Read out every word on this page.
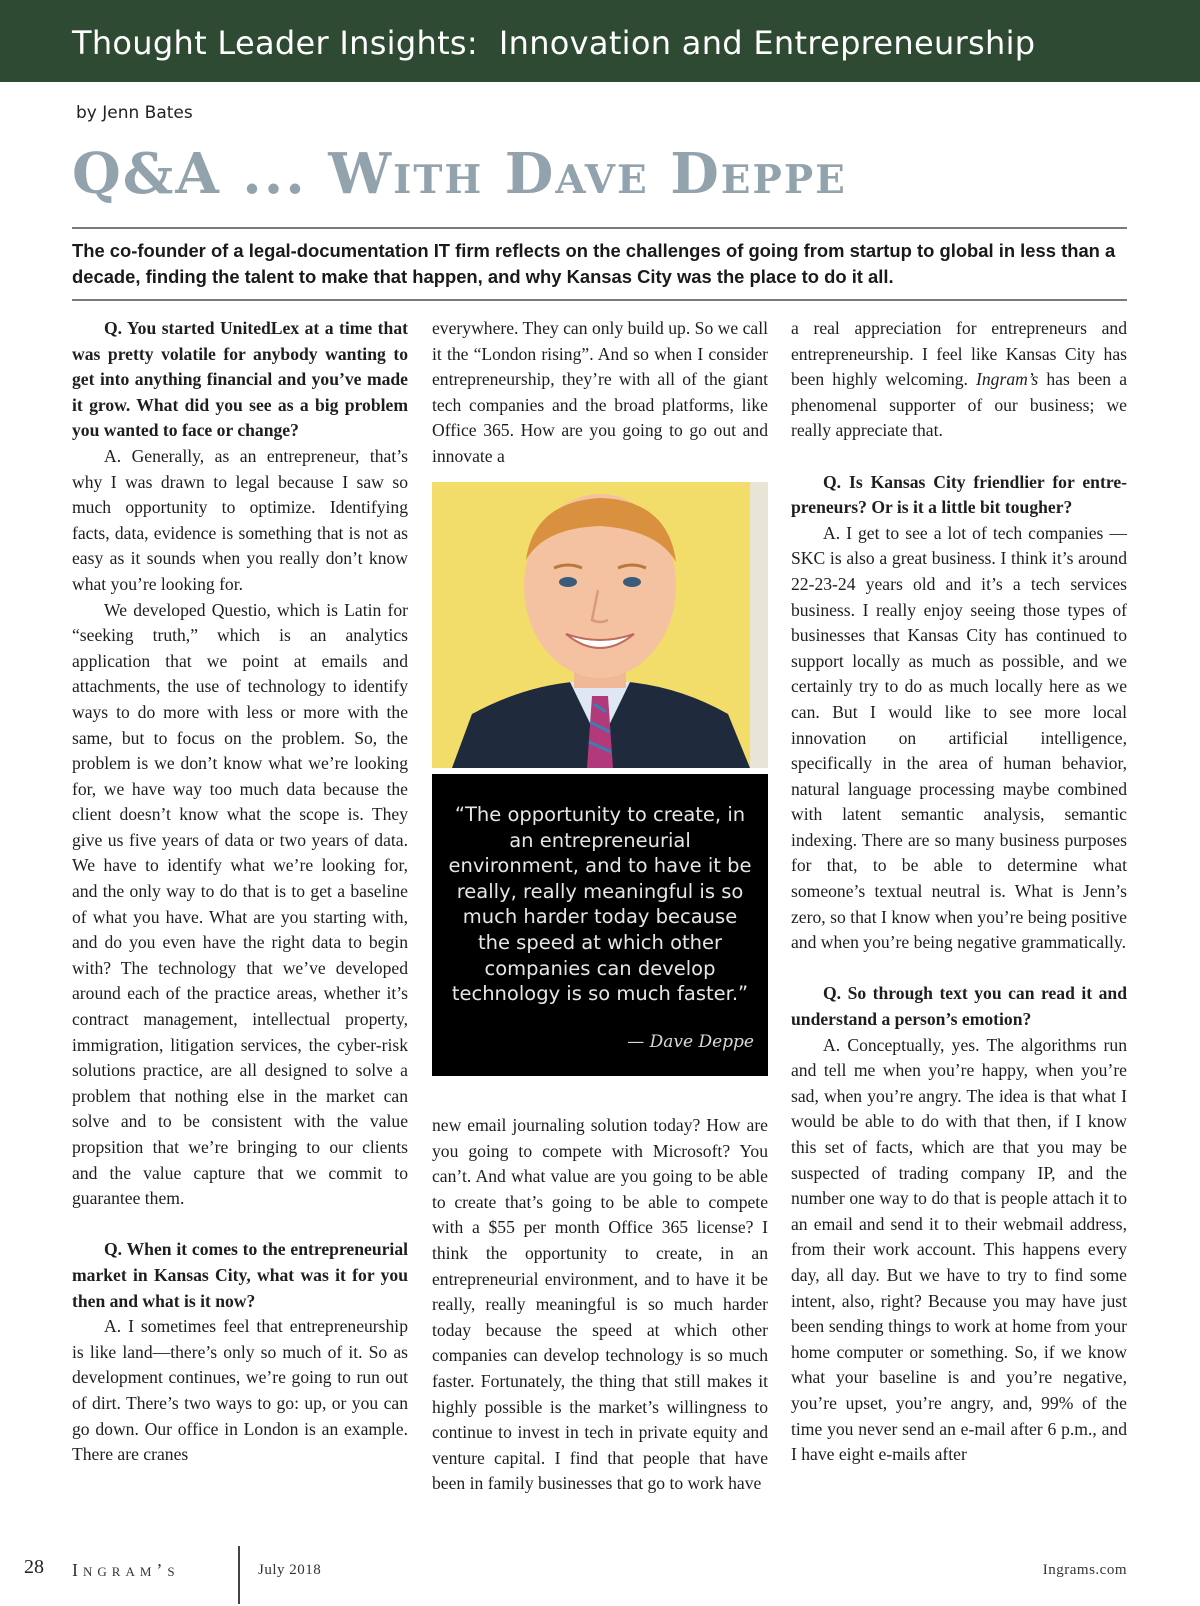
Thought Leader Insights:  Innovation and Entrepreneurship
by Jenn Bates
Q&A ... With Dave Deppe
The co-founder of a legal-documentation IT firm reflects on the challenges of going from startup to global in less than a decade, finding the talent to make that happen, and why Kansas City was the place to do it all.

Q. You started UnitedLex at a time that was pretty volatile for anybody wanting to get into anything financial and you’ve made it grow. What did you see as a big problem you wanted to face or change?

A. Generally, as an entrepreneur, that’s why I was drawn to legal because I saw so much opportunity to optimize. Identifying facts, data, evidence is something that is not as easy as it sounds when you really don’t know what you’re looking for.

We developed Questio, which is Latin for “seeking truth,” which is an analytics application that we point at emails and attachments, the use of technology to identify ways to do more with less or more with the same, but to focus on the problem. So, the problem is we don’t know what we’re looking for, we have way too much data because the client doesn’t know what the scope is. They give us five years of data or two years of data. We have to identify what we’re looking for, and the only way to do that is to get a baseline of what you have. What are you starting with, and do you even have the right data to begin with? The technology that we’ve developed around each of the practice areas, whether it’s contract management, intellectual property, immigration, litigation services, the cyber-risk solutions practice, are all designed to solve a problem that nothing else in the market can solve and to be consistent with the value propsition that we’re bringing to our clients and the value capture that we commit to guarantee them.

Q. When it comes to the entrepreneurial market in Kansas City, what was it for you then and what is it now?

A. I sometimes feel that entrepreneurship is like land—there’s only so much of it. So as development continues, we’re going to run out of dirt. There’s two ways to go: up, or you can go down. Our office in London is an example. There are cranes

everywhere. They can only build up. So we call it the “London rising”. And so when I consider entrepreneurship, they’re with all of the giant tech companies and the broad platforms, like Office 365. How are you going to go out and innovate a

“The opportunity to create, in an entrepreneurial environment, and to have it be really, really meaningful is so much harder today because the speed at which other companies can develop technology is so much faster.”
— Dave Deppe

new email journaling solution today? How are you going to compete with Microsoft? You can’t. And what value are you going to be able to create that’s going to be able to compete with a $55 per month Office 365 license? I think the opportunity to create, in an entrepreneurial environment, and to have it be really, really meaningful is so much harder today because the speed at which other companies can develop technology is so much faster. Fortunately, the thing that still makes it highly possible is the market’s willingness to continue to invest in tech in private equity and venture capital. I find that people that have been in family businesses that go to work have

a real appreciation for entrepreneurs and entrepreneurship. I feel like Kansas City has been highly welcoming. Ingram’s has been a phenomenal supporter of our business; we really appreciate that.

Q. Is Kansas City friendlier for entrepreneurs? Or is it a little bit tougher?

A. I get to see a lot of tech companies —SKC is also a great business. I think it’s around 22-23-24 years old and it’s a tech services business. I really enjoy seeing those types of businesses that Kansas City has continued to support locally as much as possible, and we certainly try to do as much locally here as we can. But I would like to see more local innovation on artificial intelligence, specifically in the area of human behavior, natural language processing maybe combined with latent semantic analysis, semantic indexing. There are so many business purposes for that, to be able to determine what someone’s textual neutral is. What is Jenn’s zero, so that I know when you’re being positive and when you’re being negative grammatically.

Q. So through text you can read it and understand a person’s emotion?

A. Conceptually, yes. The algorithms run and tell me when you’re happy, when you’re sad, when you’re angry. The idea is that what I would be able to do with that then, if I know this set of facts, which are that you may be suspected of trading company IP, and the number one way to do that is people attach it to an email and send it to their webmail address, from their work account. This happens every day, all day. But we have to try to find some intent, also, right? Because you may have just been sending things to work at home from your home computer or something. So, if we know what your baseline is and you’re negative, you’re upset, you’re angry, and, 99% of the time you never send an e-mail after 6 p.m., and I have eight e-mails after

28 Ingram’s	July 2018	Ingrams.com
